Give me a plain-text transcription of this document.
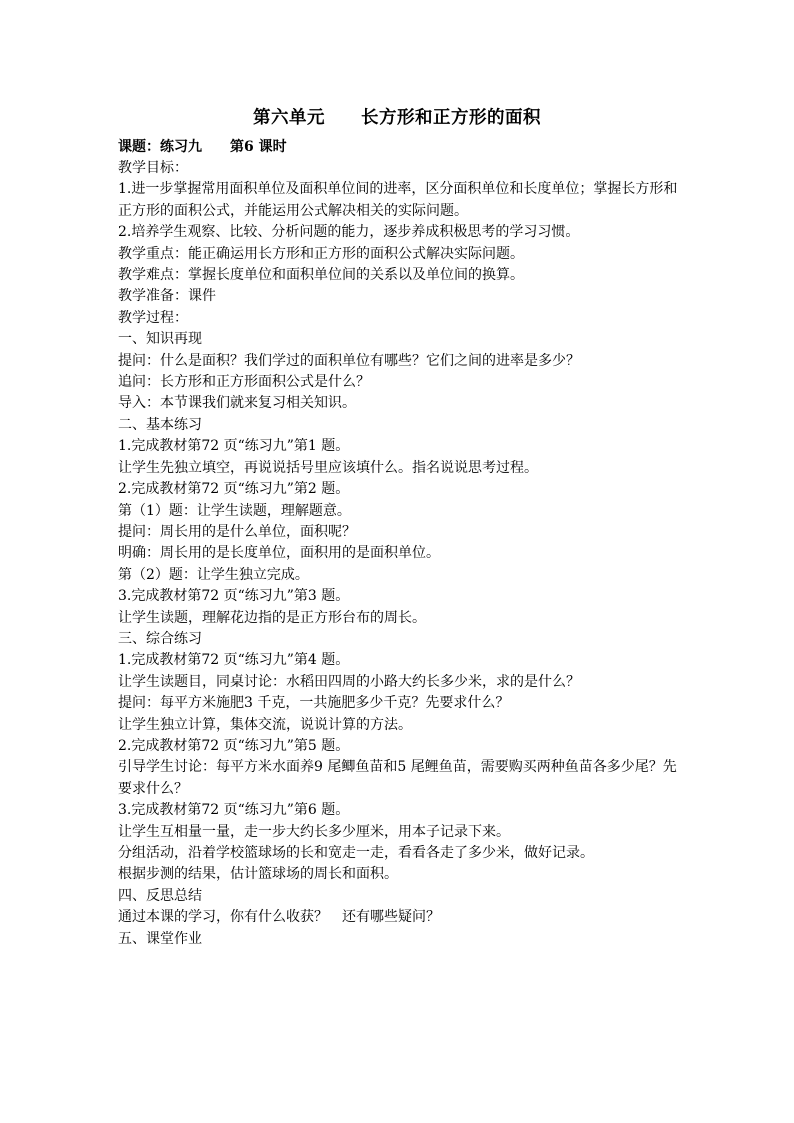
第六单元　　长方形和正方形的面积
课题：练习九　　第6 课时

教学目标：

1.进一步掌握常用面积单位及面积单位间的进率，区分面积单位和长度单位；掌握长方形和正方形的面积公式，并能运用公式解决相关的实际问题。

2.培养学生观察、比较、分析问题的能力，逐步养成积极思考的学习习惯。

教学重点：能正确运用长方形和正方形的面积公式解决实际问题。

教学难点：掌握长度单位和面积单位间的关系以及单位间的换算。

教学准备：课件

教学过程：

一、知识再现

提问：什么是面积？我们学过的面积单位有哪些？它们之间的进率是多少？

追问：长方形和正方形面积公式是什么？

导入：本节课我们就来复习相关知识。

二、基本练习

1.完成教材第72 页“练习九”第1 题。

让学生先独立填空，再说说括号里应该填什么。指名说说思考过程。

2.完成教材第72 页“练习九”第2 题。

第（1）题：让学生读题，理解题意。

提问：周长用的是什么单位，面积呢？

明确：周长用的是长度单位，面积用的是面积单位。

第（2）题：让学生独立完成。

3.完成教材第72 页“练习九”第3 题。

让学生读题，理解花边指的是正方形台布的周长。

三、综合练习

1.完成教材第72 页“练习九”第4 题。

让学生读题目，同桌讨论：水稻田四周的小路大约长多少米，求的是什么？

提问：每平方米施肥3 千克，一共施肥多少千克？先要求什么？

让学生独立计算，集体交流，说说计算的方法。

2.完成教材第72 页“练习九”第5 题。

引导学生讨论：每平方米水面养9 尾鲫鱼苗和5 尾鲤鱼苗，需要购买两种鱼苗各多少尾？先要求什么？

3.完成教材第72 页“练习九”第6 题。

让学生互相量一量，走一步大约长多少厘米，用本子记录下来。

分组活动，沿着学校篮球场的长和宽走一走，看看各走了多少米，做好记录。

根据步测的结果，估计篮球场的周长和面积。

四、反思总结

通过本课的学习，你有什么收获？　还有哪些疑问？

五、课堂作业
